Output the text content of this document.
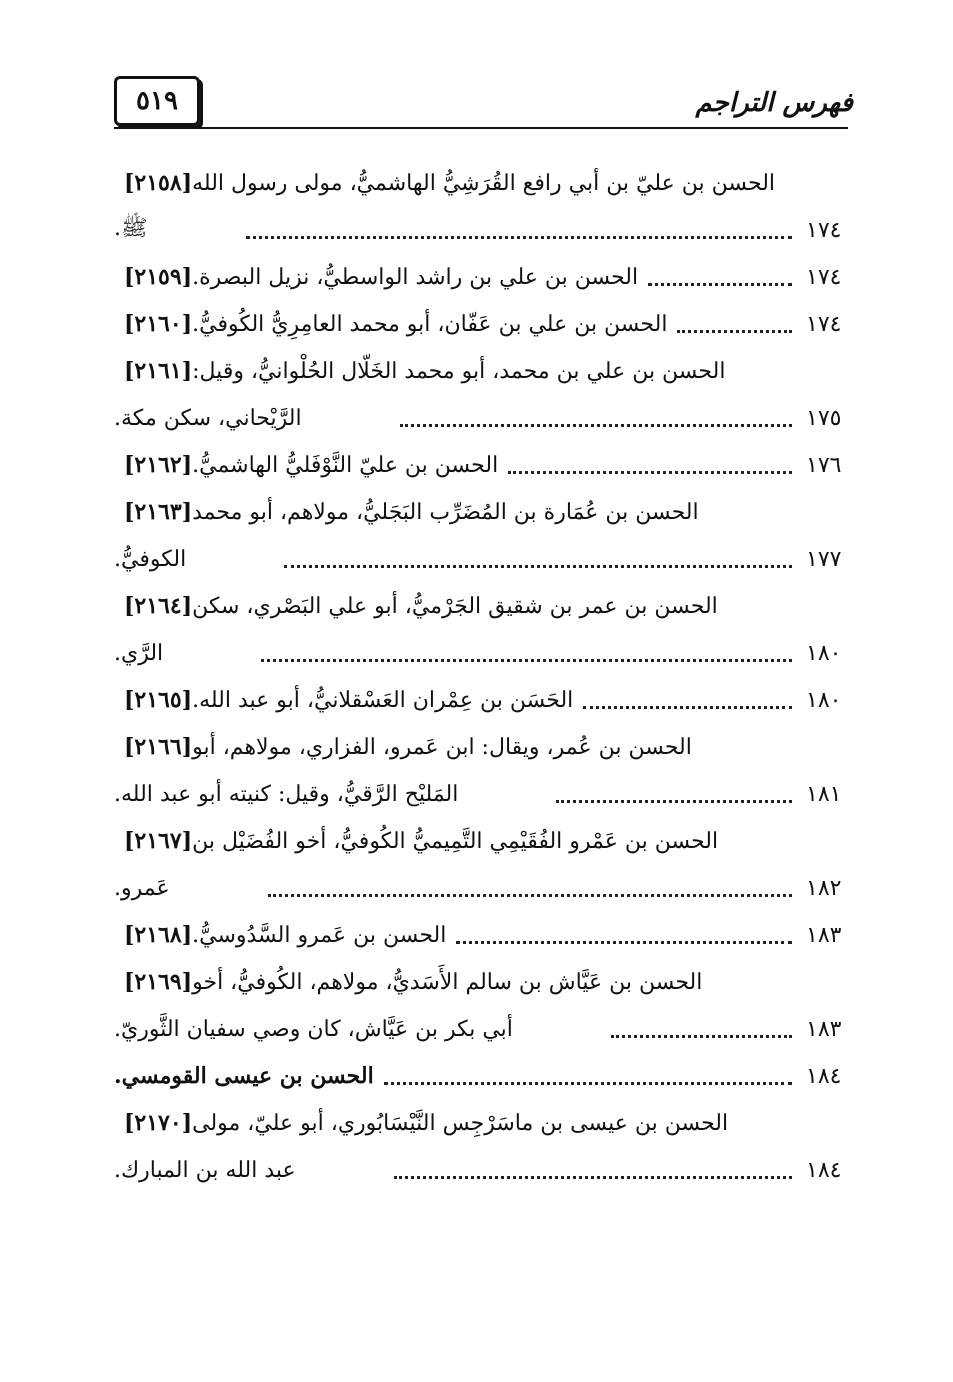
فهرس التراجم
٥١٩
[٢١٥٨] الحسن بن عليّ بن أبي رافع القُرَشِيُّ الهاشميُّ، مولى رسول الله
ﷺ.	١٧٤
[٢١٥٩] الحسن بن علي بن راشد الواسطيُّ، نزيل البصرة.	١٧٤
[٢١٦٠] الحسن بن علي بن عَفّان، أبو محمد العامِرِيُّ الكُوفيُّ.	١٧٤
[٢١٦١] الحسن بن علي بن محمد، أبو محمد الخَلّال الحُلْوانيُّ، وقيل:
الرَّيْحاني، سكن مكة.	١٧٥
[٢١٦٢] الحسن بن عليّ النَّوْفَليُّ الهاشميُّ.	١٧٦
[٢١٦٣] الحسن بن عُمَارة بن المُضَرِّب البَجَليُّ، مولاهم، أبو محمد
الكوفيُّ.	١٧٧
[٢١٦٤] الحسن بن عمر بن شقيق الجَرْميُّ، أبو علي البَصْري، سكن
الرَّي.	١٨٠
[٢١٦٥] الحَسَن بن عِمْران العَسْقلانيُّ، أبو عبد الله.	١٨٠
[٢١٦٦] الحسن بن عُمر، ويقال: ابن عَمرو، الفزاري، مولاهم، أبو
المَليْح الرَّقيُّ، وقيل: كنيته أبو عبد الله.	١٨١
[٢١٦٧] الحسن بن عَمْرو الفُقَيْمِي التَّمِيميُّ الكُوفيُّ، أخو الفُضَيْل بن
عَمرو.	١٨٢
[٢١٦٨] الحسن بن عَمرو السَّدُوسيُّ.	١٨٣
[٢١٦٩] الحسن بن عَيَّاش بن سالم الأَسَديُّ، مولاهم، الكُوفيُّ، أخو
أبي بكر بن عَيَّاش، كان وصي سفيان الثَّوريّ.	١٨٣
الحسن بن عيسى القومسي.	١٨٤
[٢١٧٠] الحسن بن عيسى بن ماسَرْجِس النَّيْسَابُوري، أبو عليّ، مولى
عبد الله بن المبارك.	١٨٤
